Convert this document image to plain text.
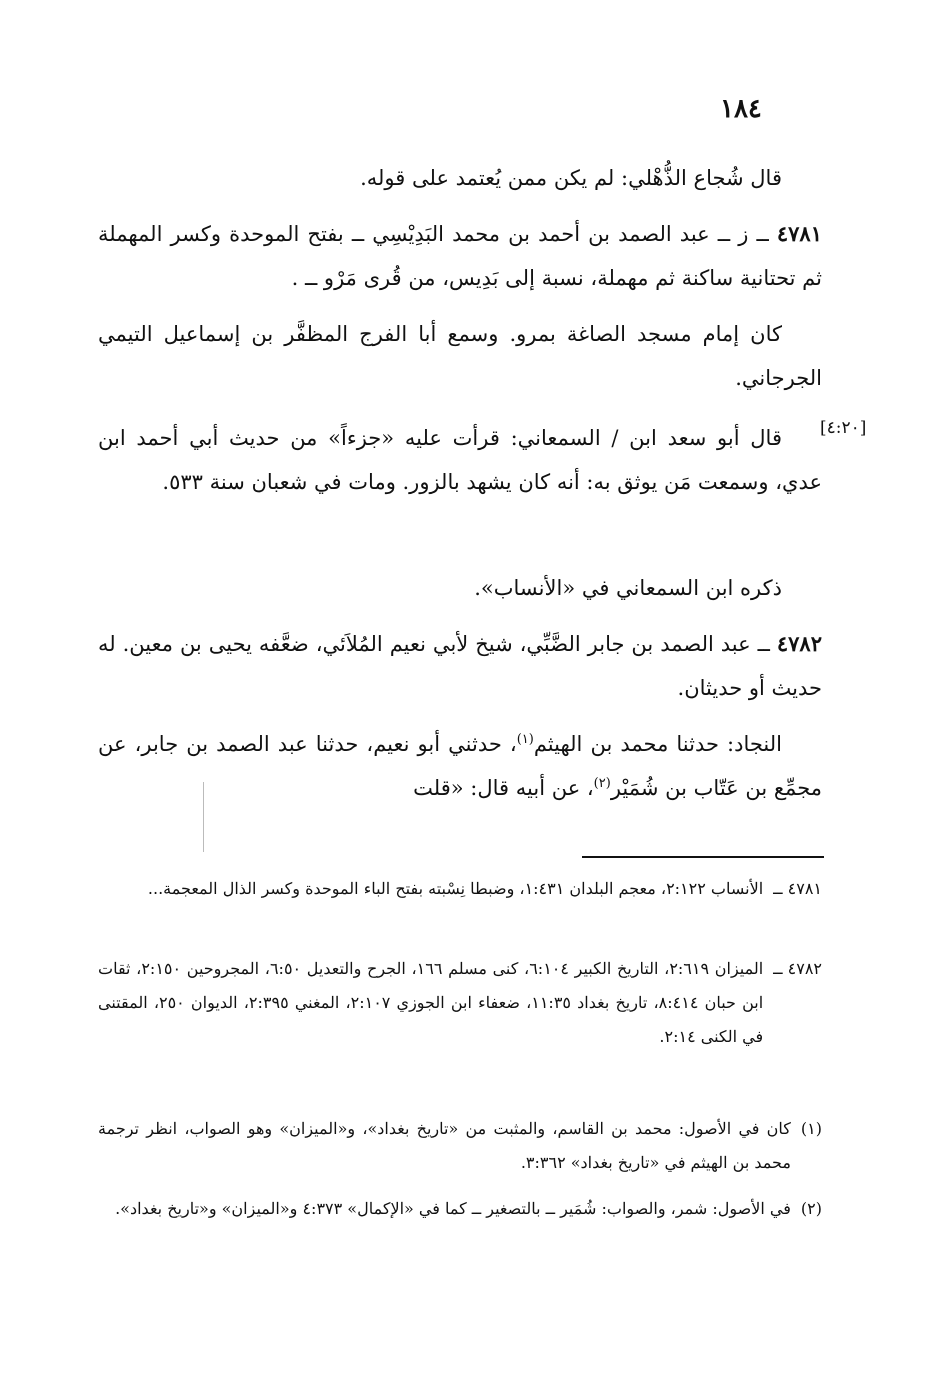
١٨٤
قال شُجاع الذُّهْلي: لم يكن ممن يُعتمد على قوله.
٤٧٨١ ــ ز ــ عبد الصمد بن أحمد بن محمد البَدِيْسِي ــ بفتح الموحدة وكسر المهملة ثم تحتانية ساكنة ثم مهملة، نسبة إلى بَدِيس، من قُرى مَرْو ــ .
كان إمام مسجد الصاغة بمرو. وسمع أبا الفرج المظفَّر بن إسماعيل التيمي الجرجاني.
[٤:٢٠]
قال أبو سعد ابن / السمعاني: قرأت عليه «جزءاً» من حديث أبي أحمد ابن عدي، وسمعت مَن يوثق به: أنه كان يشهد بالزور. ومات في شعبان سنة ٥٣٣.
ذكره ابن السمعاني في «الأنساب».
٤٧٨٢ ــ عبد الصمد بن جابر الضَّبِّي، شيخ لأبي نعيم المُلاَئي، ضعَّفه يحيى بن معين. له حديث أو حديثان.
النجاد: حدثنا محمد بن الهيثم$^{(١)}$، حدثني أبو نعيم، حدثنا عبد الصمد بن جابر، عن مجمِّع بن عَتّاب بن شُمَيْر$^{(٢)}$، عن أبيه قال: «قلت
٤٧٨١ ــ
الأنساب ٢:١٢٢، معجم البلدان ١:٤٣١، وضبطا نِسْبته بفتح الباء الموحدة وكسر الذال المعجمة...
٤٧٨٢ ــ
الميزان ٢:٦١٩، التاريخ الكبير ٦:١٠٤، كنى مسلم ١٦٦، الجرح والتعديل ٦:٥٠، المجروحين ٢:١٥٠، ثقات ابن حبان ٨:٤١٤، تاريخ بغداد ١١:٣٥، ضعفاء ابن الجوزي ٢:١٠٧، المغني ٢:٣٩٥، الديوان ٢٥٠، المقتنى في الكنى ٢:١٤.
(١)
كان في الأصول: محمد بن القاسم، والمثبت من «تاريخ بغداد»، و«الميزان» وهو الصواب، انظر ترجمة محمد بن الهيثم في «تاريخ بغداد» ٣:٣٦٢.
(٢)
في الأصول: شمر، والصواب: شُمَير ــ بالتصغير ــ كما في «الإكمال» ٤:٣٧٣ و«الميزان» و«تاريخ بغداد».
